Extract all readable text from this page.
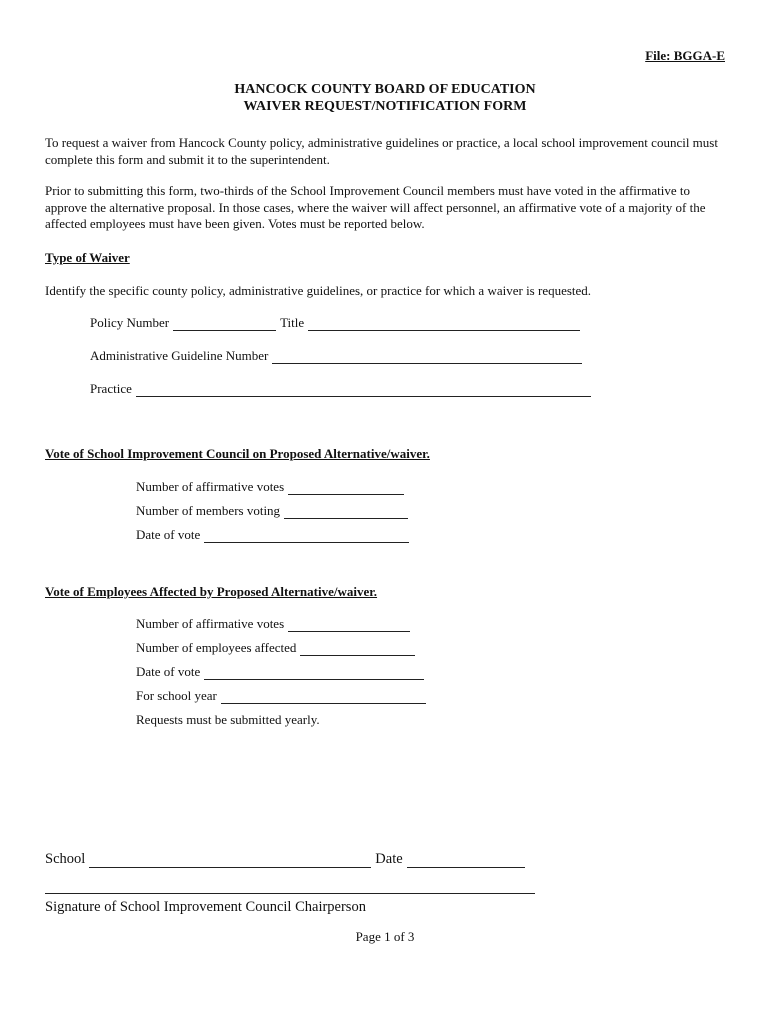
File: BGGA-E
HANCOCK COUNTY BOARD OF EDUCATION
WAIVER REQUEST/NOTIFICATION FORM
To request a waiver from Hancock County policy, administrative guidelines or practice, a local school improvement council must complete this form and submit it to the superintendent.
Prior to submitting this form, two-thirds of the School Improvement Council members must have voted in the affirmative to approve the alternative proposal. In those cases, where the waiver will affect personnel, an affirmative vote of a majority of the affected employees must have been given. Votes must be reported below.
Type of Waiver
Identify the specific county policy, administrative guidelines, or practice for which a waiver is requested.
Policy Number	Title
Administrative Guideline Number
Practice
Vote of School Improvement Council on Proposed Alternative/waiver.
Number of affirmative votes
Number of members voting
Date of vote
Vote of Employees Affected by Proposed Alternative/waiver.
Number of affirmative votes
Number of employees affected
Date of vote
For school year
Requests must be submitted yearly.
School	Date
Signature of School Improvement Council Chairperson
Page 1 of 3
